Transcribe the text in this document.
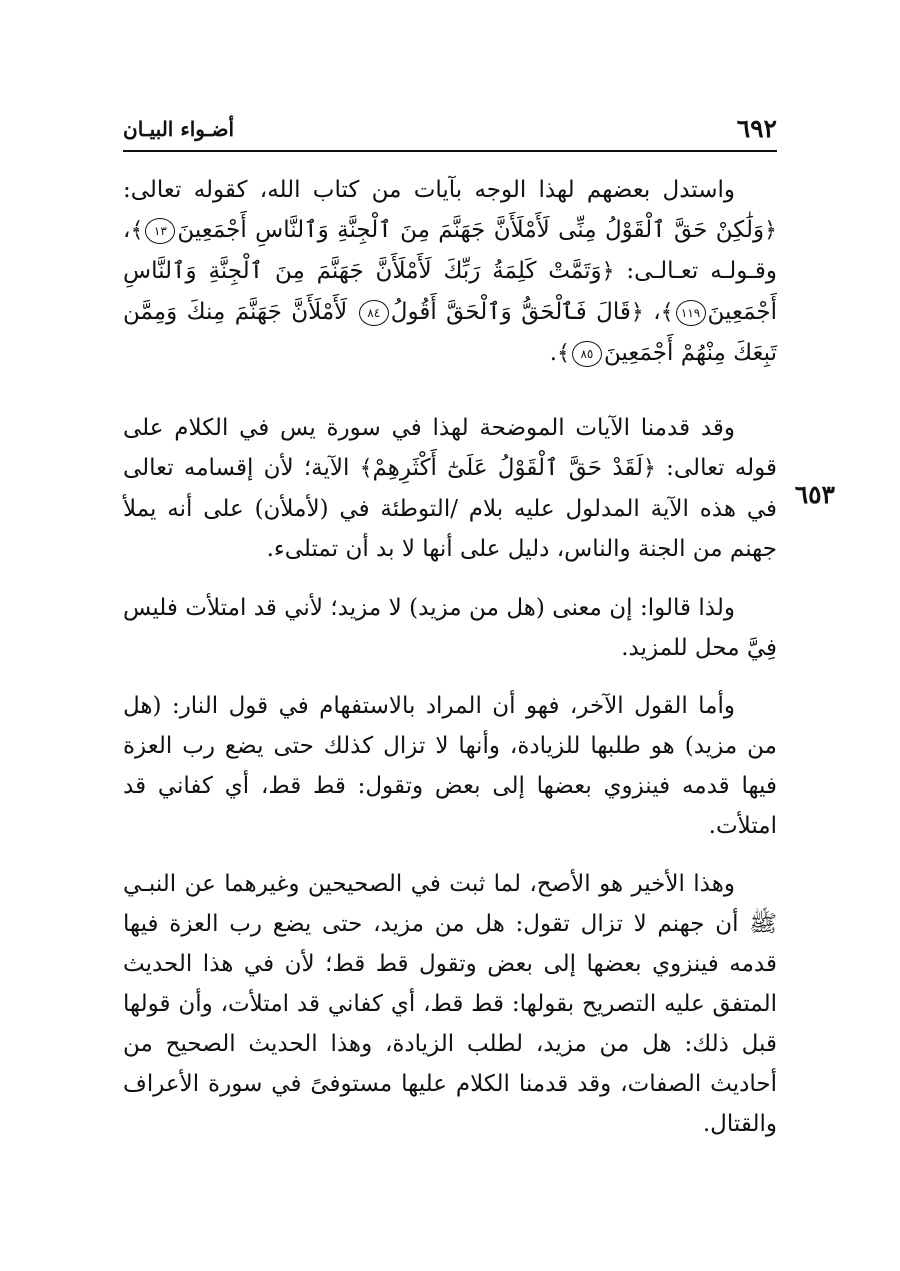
٦٩٢
أضـواء البيـان
٦٥٣

واستدل بعضهم لهذا الوجه بآيات من كتاب الله، كقوله تعالى: ﴿وَلَٰكِنْ حَقَّ ٱلْقَوْلُ مِنِّى لَأَمْلَأَنَّ جَهَنَّمَ مِنَ ٱلْجِنَّةِ وَٱلنَّاسِ أَجْمَعِينَ١٣﴾، وقـولـه تعـالـى: ﴿وَتَمَّتْ كَلِمَةُ رَبِّكَ لَأَمْلَأَنَّ جَهَنَّمَ مِنَ ٱلْجِنَّةِ وَٱلنَّاسِ أَجْمَعِينَ١١٩﴾، ﴿قَالَ فَٱلْحَقُّ وَٱلْحَقَّ أَقُولُ٨٤ لَأَمْلَأَنَّ جَهَنَّمَ مِنكَ وَمِمَّن تَبِعَكَ مِنْهُمْ أَجْمَعِينَ٨٥﴾.

وقد قدمنا الآيات الموضحة لهذا في سورة يس في الكلام على قوله تعالى: ﴿لَقَدْ حَقَّ ٱلْقَوْلُ عَلَىٰٓ أَكْثَرِهِمْ﴾ الآية؛ لأن إقسامه تعالى في هذه الآية المدلول عليه بلام /التوطئة في (لأملأن) على أنه يملأ جهنم من الجنة والناس، دليل على أنها لا بد أن تمتلىء.

ولذا قالوا: إن معنى (هل من مزيد) لا مزيد؛ لأني قد امتلأت فليس فِيَّ محل للمزيد.

وأما القول الآخر، فهو أن المراد بالاستفهام في قول النار: (هل من مزيد) هو طلبها للزيادة، وأنها لا تزال كذلك حتى يضع رب العزة فيها قدمه فينزوي بعضها إلى بعض وتقول: قط قط، أي كفاني قد امتلأت.

وهذا الأخير هو الأصح، لما ثبت في الصحيحين وغيرهما عن النبـي ﷺ أن جهنم لا تزال تقول: هل من مزيد، حتى يضع رب العزة فيها قدمه فينزوي بعضها إلى بعض وتقول قط قط؛ لأن في هذا الحديث المتفق عليه التصريح بقولها: قط قط، أي كفاني قد امتلأت، وأن قولها قبل ذلك: هل من مزيد، لطلب الزيادة، وهذا الحديث الصحيح من أحاديث الصفات، وقد قدمنا الكلام عليها مستوفىً في سورة الأعراف والقتال.
